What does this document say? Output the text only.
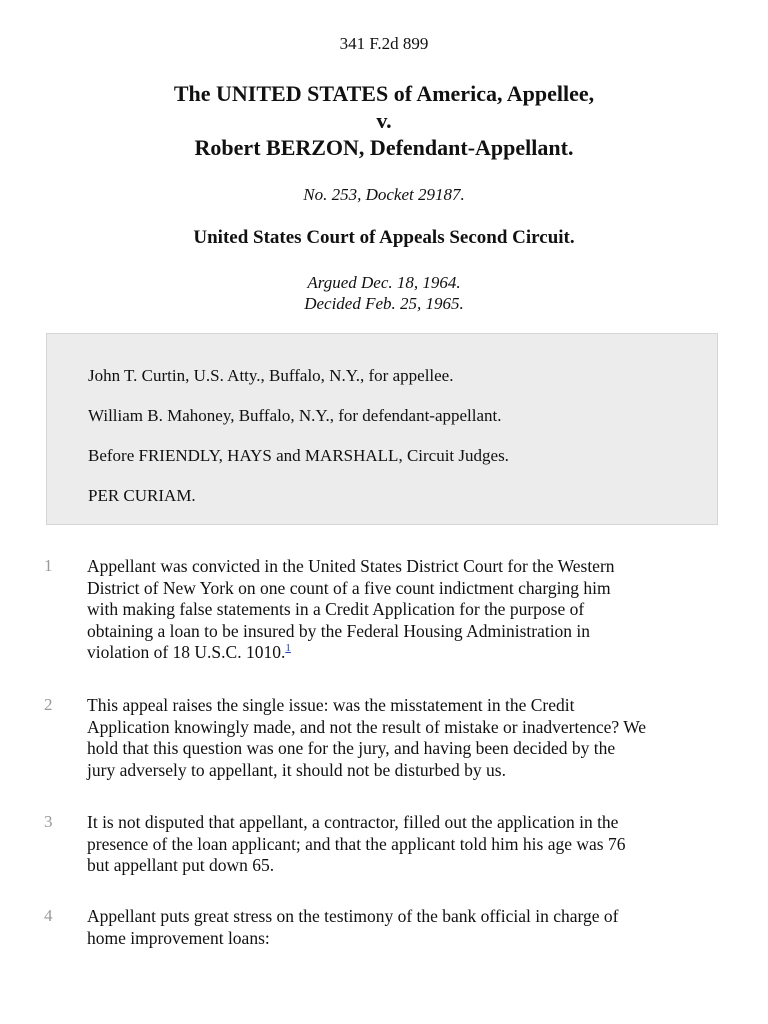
341 F.2d 899
The UNITED STATES of America, Appellee,
v.
Robert BERZON, Defendant-Appellant.
No. 253, Docket 29187.
United States Court of Appeals Second Circuit.
Argued Dec. 18, 1964.
Decided Feb. 25, 1965.
John T. Curtin, U.S. Atty., Buffalo, N.Y., for appellee.
William B. Mahoney, Buffalo, N.Y., for defendant-appellant.
Before FRIENDLY, HAYS and MARSHALL, Circuit Judges.
PER CURIAM.
1 Appellant was convicted in the United States District Court for the Western
District of New York on one count of a five count indictment charging him
with making false statements in a Credit Application for the purpose of
obtaining a loan to be insured by the Federal Housing Administration in
violation of 18 U.S.C. 1010.$^1$
2 This appeal raises the single issue: was the misstatement in the Credit
Application knowingly made, and not the result of mistake or inadvertence? We
hold that this question was one for the jury, and having been decided by the
jury adversely to appellant, it should not be disturbed by us.
3 It is not disputed that appellant, a contractor, filled out the application in the
presence of the loan applicant; and that the applicant told him his age was 76
but appellant put down 65.
4 Appellant puts great stress on the testimony of the bank official in charge of
home improvement loans:
